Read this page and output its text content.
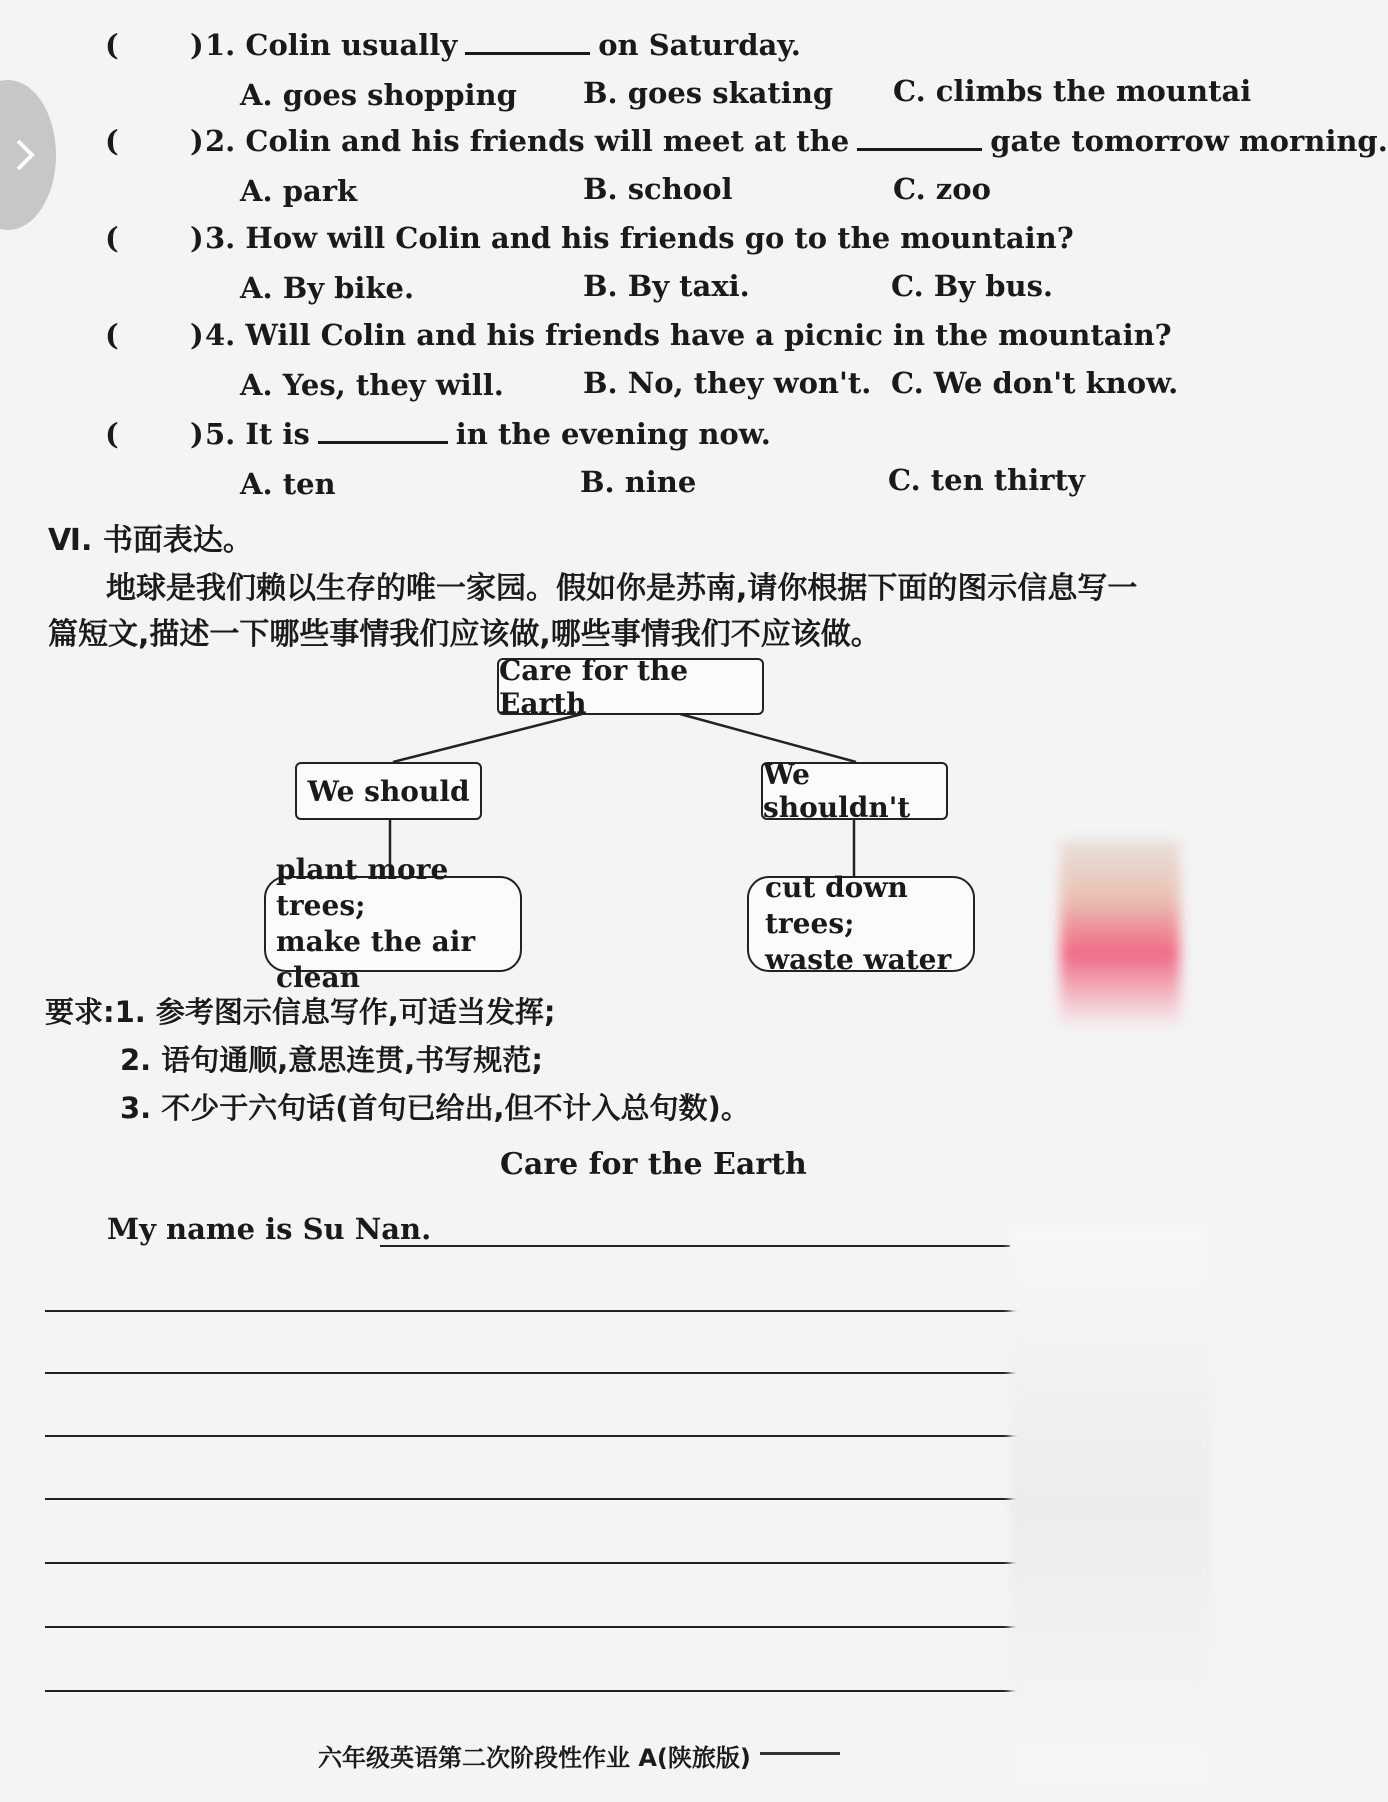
( ) 1. Colin usually	on Saturday.
A. goes shopping B. goes skating C. climbs the mountai
( ) 2. Colin and his friends will meet at the	gate tomorrow morning.
A. park	B. school	C. zoo
( ) 3. How will Colin and his friends go to the mountain?
A. By bike.	B. By taxi.	C. By bus.
( ) 4. Will Colin and his friends have a picnic in the mountain?
A. Yes, they will.	B. No, they won't. C. We don't know.
( ) 5. It is	in the evening now.
A. ten	B. nine	C. ten thirty
Ⅵ. 书面表达。
地球是我们赖以生存的唯一家园。假如你是苏南,请你根据下面的图示信息写一
篇短文,描述一下哪些事情我们应该做,哪些事情我们不应该做。
Care for the Earth
We should	We shouldn't
plant more trees;
make the air clean
cut down trees;
waste water
要求:1. 参考图示信息写作,可适当发挥;
2. 语句通顺,意思连贯,书写规范;
3. 不少于六句话(首句已给出,但不计入总句数)。
Care for the Earth
My name is Su Nan.
六年级英语第二次阶段性作业 A(陕旅版)
